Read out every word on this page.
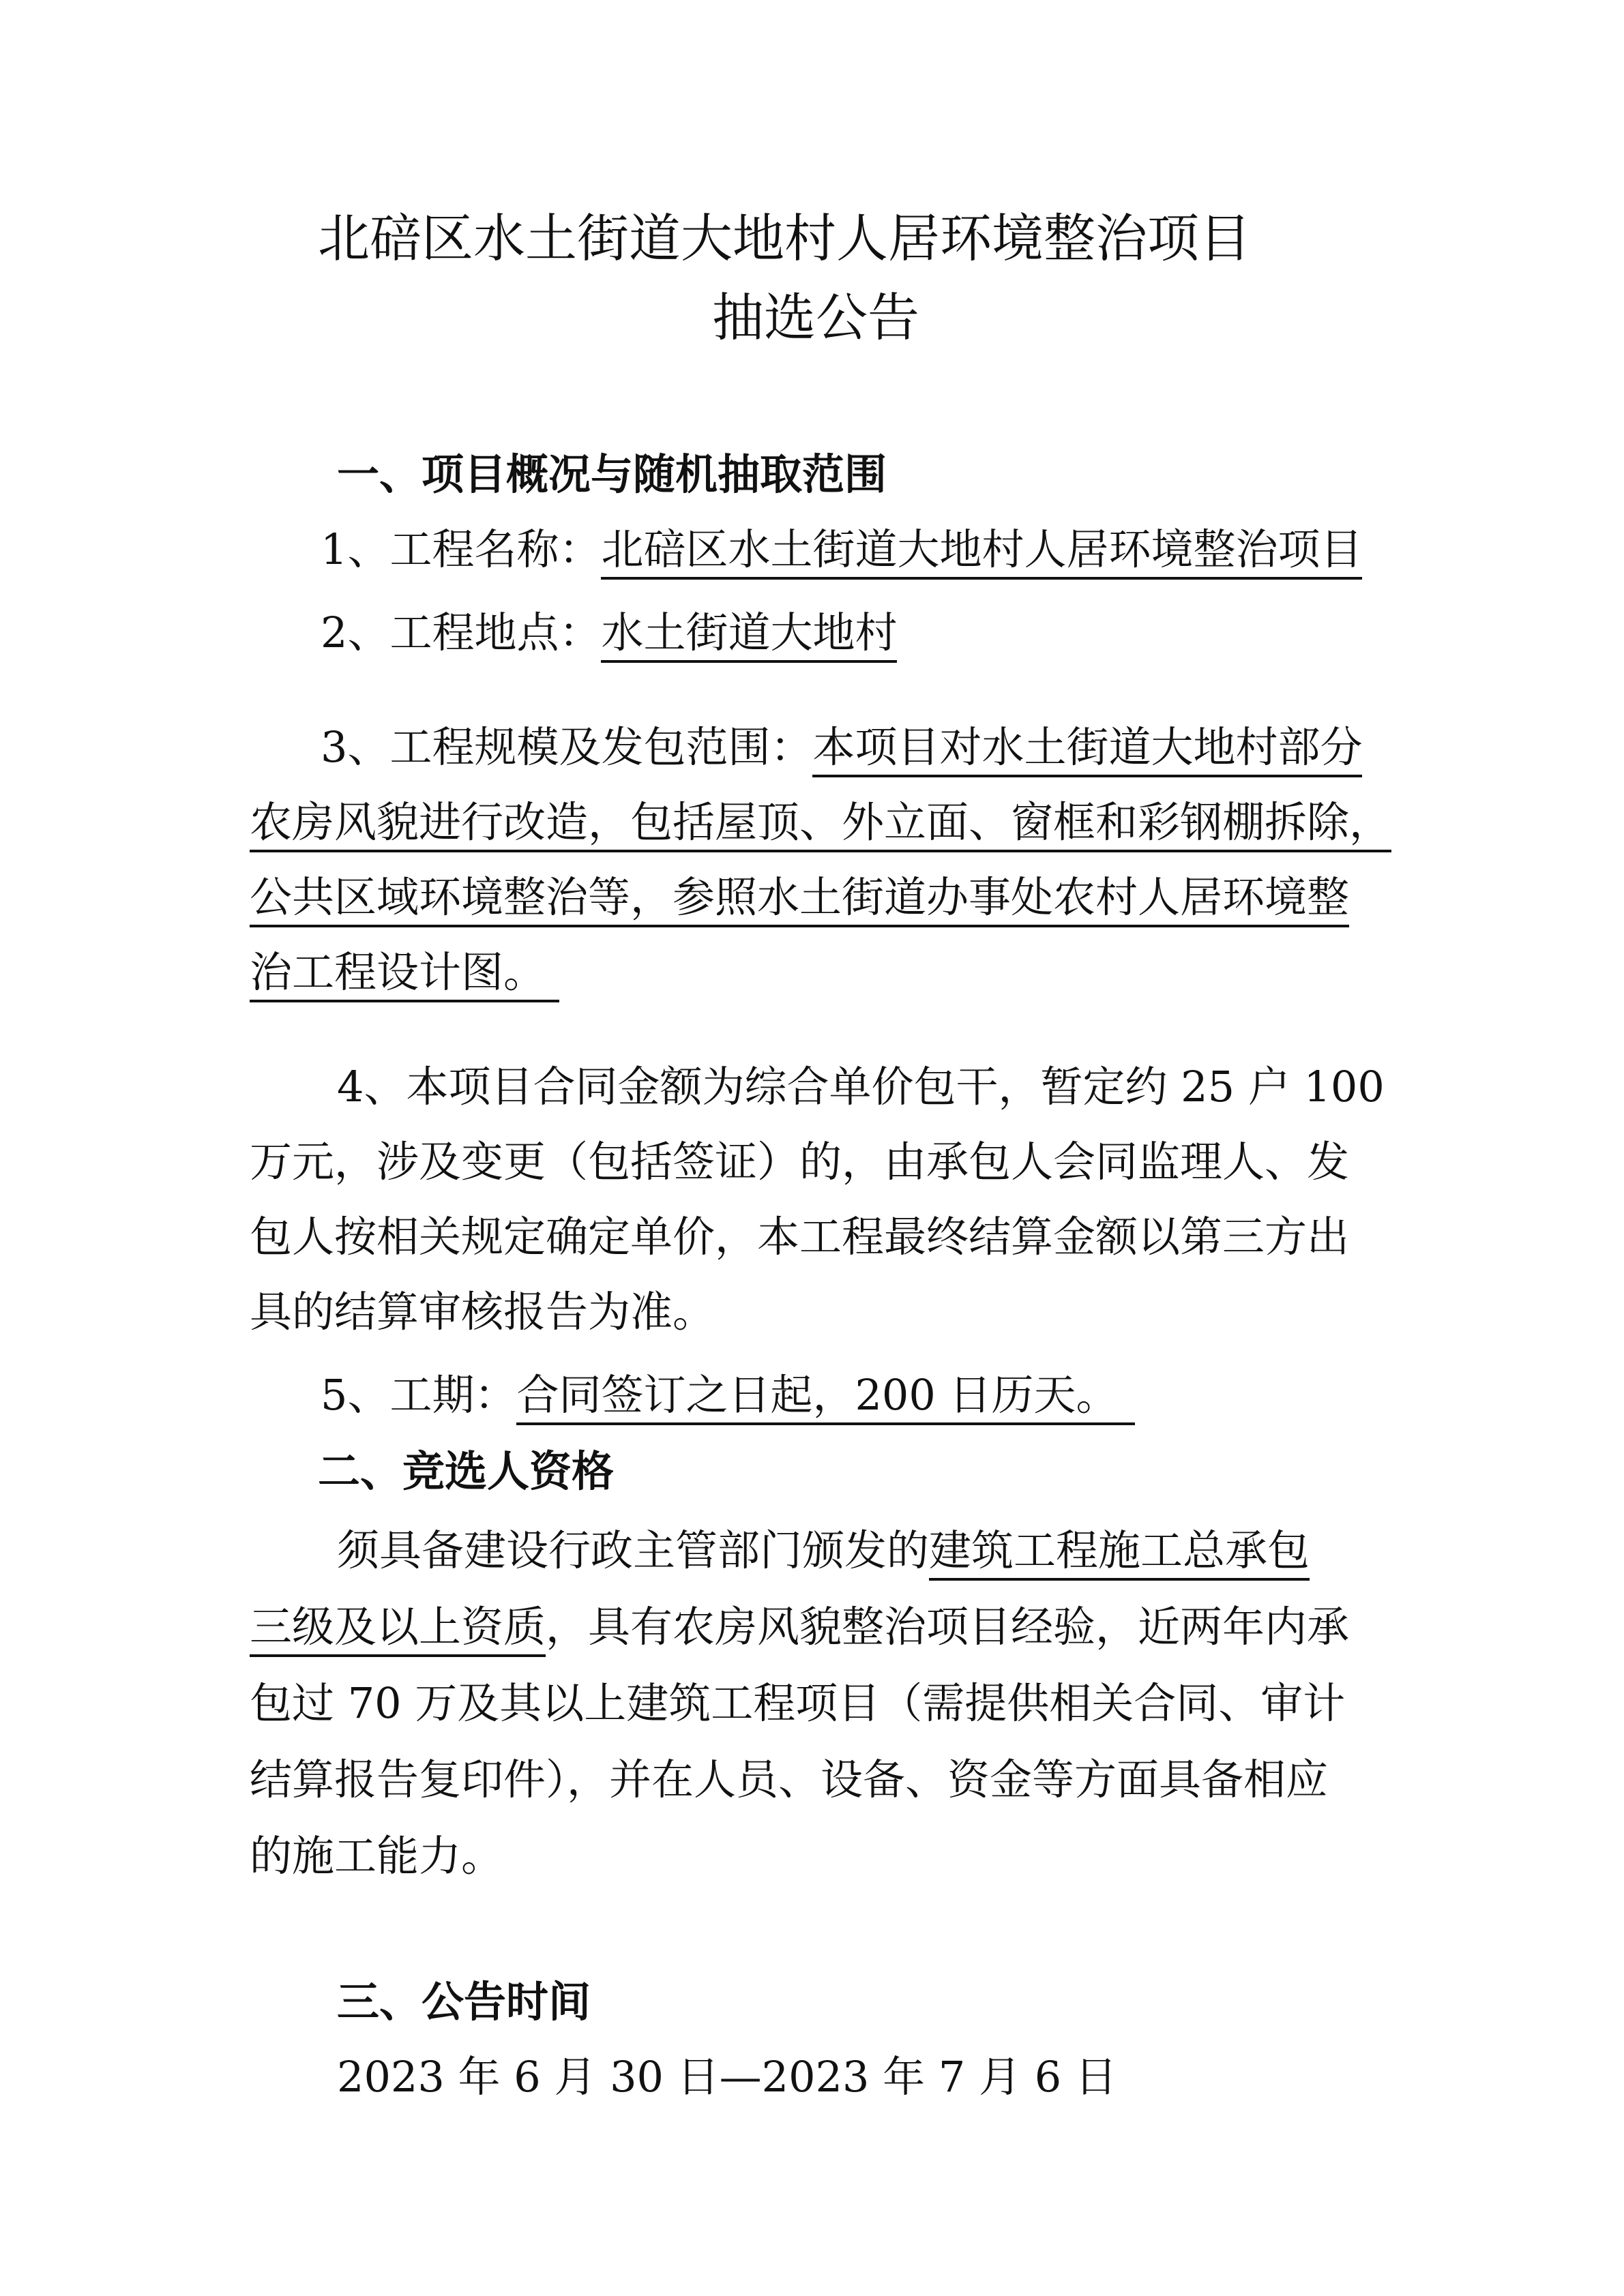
北碚区水土街道大地村人居环境整治项目
抽选公告
一、项目概况与随机抽取范围
1、工程名称：北碚区水土街道大地村人居环境整治项目
2、工程地点：水土街道大地村
3、工程规模及发包范围：本项目对水土街道大地村部分
农房风貌进行改造，包括屋顶、外立面、窗框和彩钢棚拆除，
公共区域环境整治等，参照水土街道办事处农村人居环境整
治工程设计图。
4、本项目合同金额为综合单价包干，暂定约 25 户 100
万元，涉及变更（包括签证）的，由承包人会同监理人、发
包人按相关规定确定单价，本工程最终结算金额以第三方出
具的结算审核报告为准。
5、工期：合同签订之日起，200 日历天。
二、竞选人资格
须具备建设行政主管部门颁发的建筑工程施工总承包
三级及以上资质，具有农房风貌整治项目经验，近两年内承
包过 70 万及其以上建筑工程项目（需提供相关合同、审计
结算报告复印件），并在人员、设备、资金等方面具备相应
的施工能力。
三、公告时间
2023 年 6 月 30 日—2023 年 7 月 6 日
